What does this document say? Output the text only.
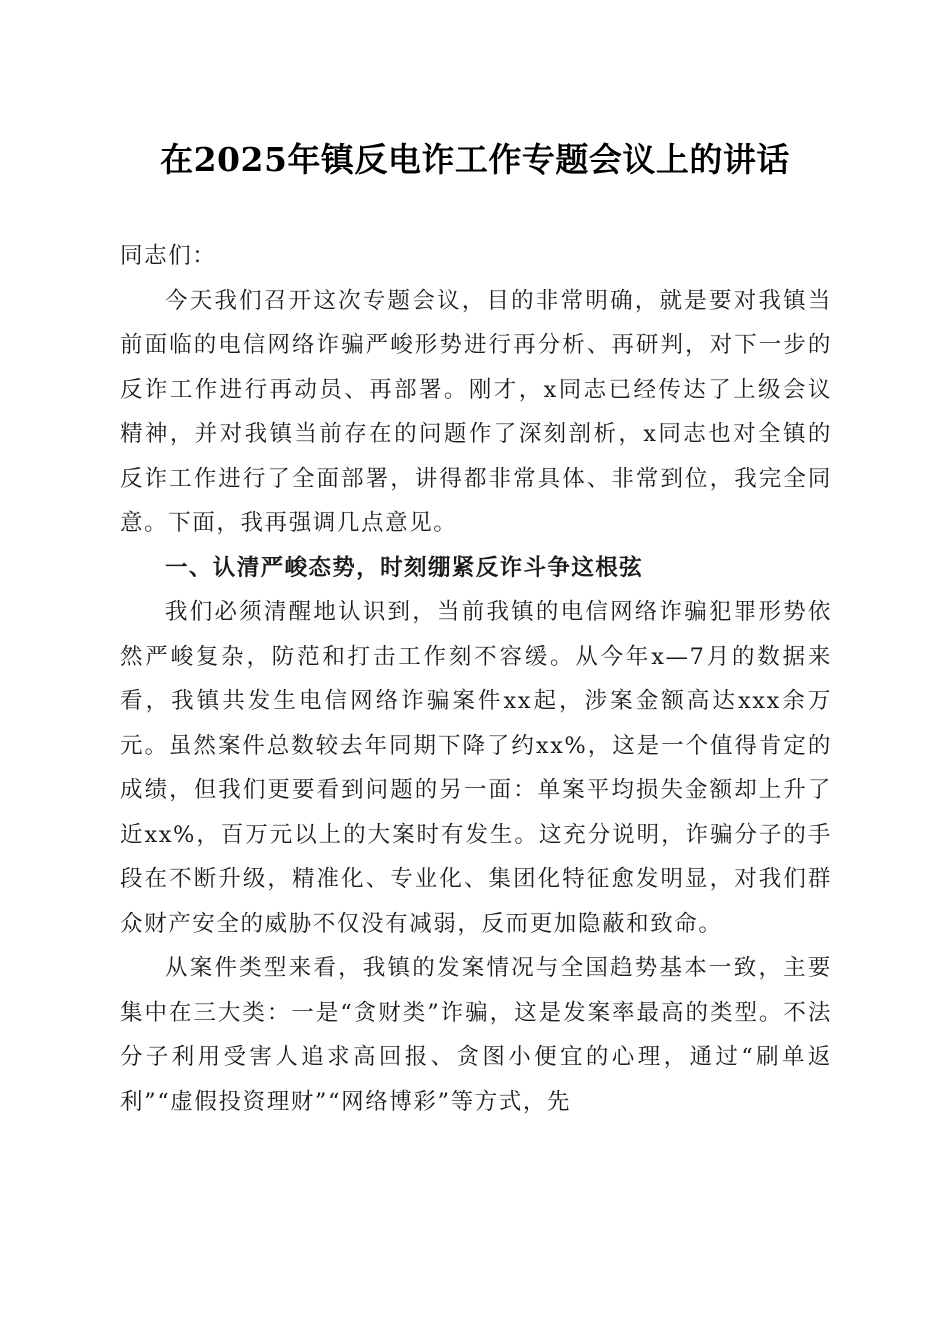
在2025年镇反电诈工作专题会议上的讲话

同志们：

今天我们召开这次专题会议，目的非常明确，就是要对我镇当前面临的电信网络诈骗严峻形势进行再分析、再研判，对下一步的反诈工作进行再动员、再部署。刚才，x同志已经传达了上级会议精神，并对我镇当前存在的问题作了深刻剖析，x同志也对全镇的反诈工作进行了全面部署，讲得都非常具体、非常到位，我完全同意。下面，我再强调几点意见。

一、认清严峻态势，时刻绷紧反诈斗争这根弦

我们必须清醒地认识到，当前我镇的电信网络诈骗犯罪形势依然严峻复杂，防范和打击工作刻不容缓。从今年x—7月的数据来看，我镇共发生电信网络诈骗案件xx起，涉案金额高达xxx余万元。虽然案件总数较去年同期下降了约xx%，这是一个值得肯定的成绩，但我们更要看到问题的另一面：单案平均损失金额却上升了近xx%，百万元以上的大案时有发生。这充分说明，诈骗分子的手段在不断升级，精准化、专业化、集团化特征愈发明显，对我们群众财产安全的威胁不仅没有减弱，反而更加隐蔽和致命。

从案件类型来看，我镇的发案情况与全国趋势基本一致，主要集中在三大类：一是“贪财类”诈骗，这是发案率最高的类型。不法分子利用受害人追求高回报、贪图小便宜的心理，通过“刷单返利”“虚假投资理财”“网络博彩”等方式，先
